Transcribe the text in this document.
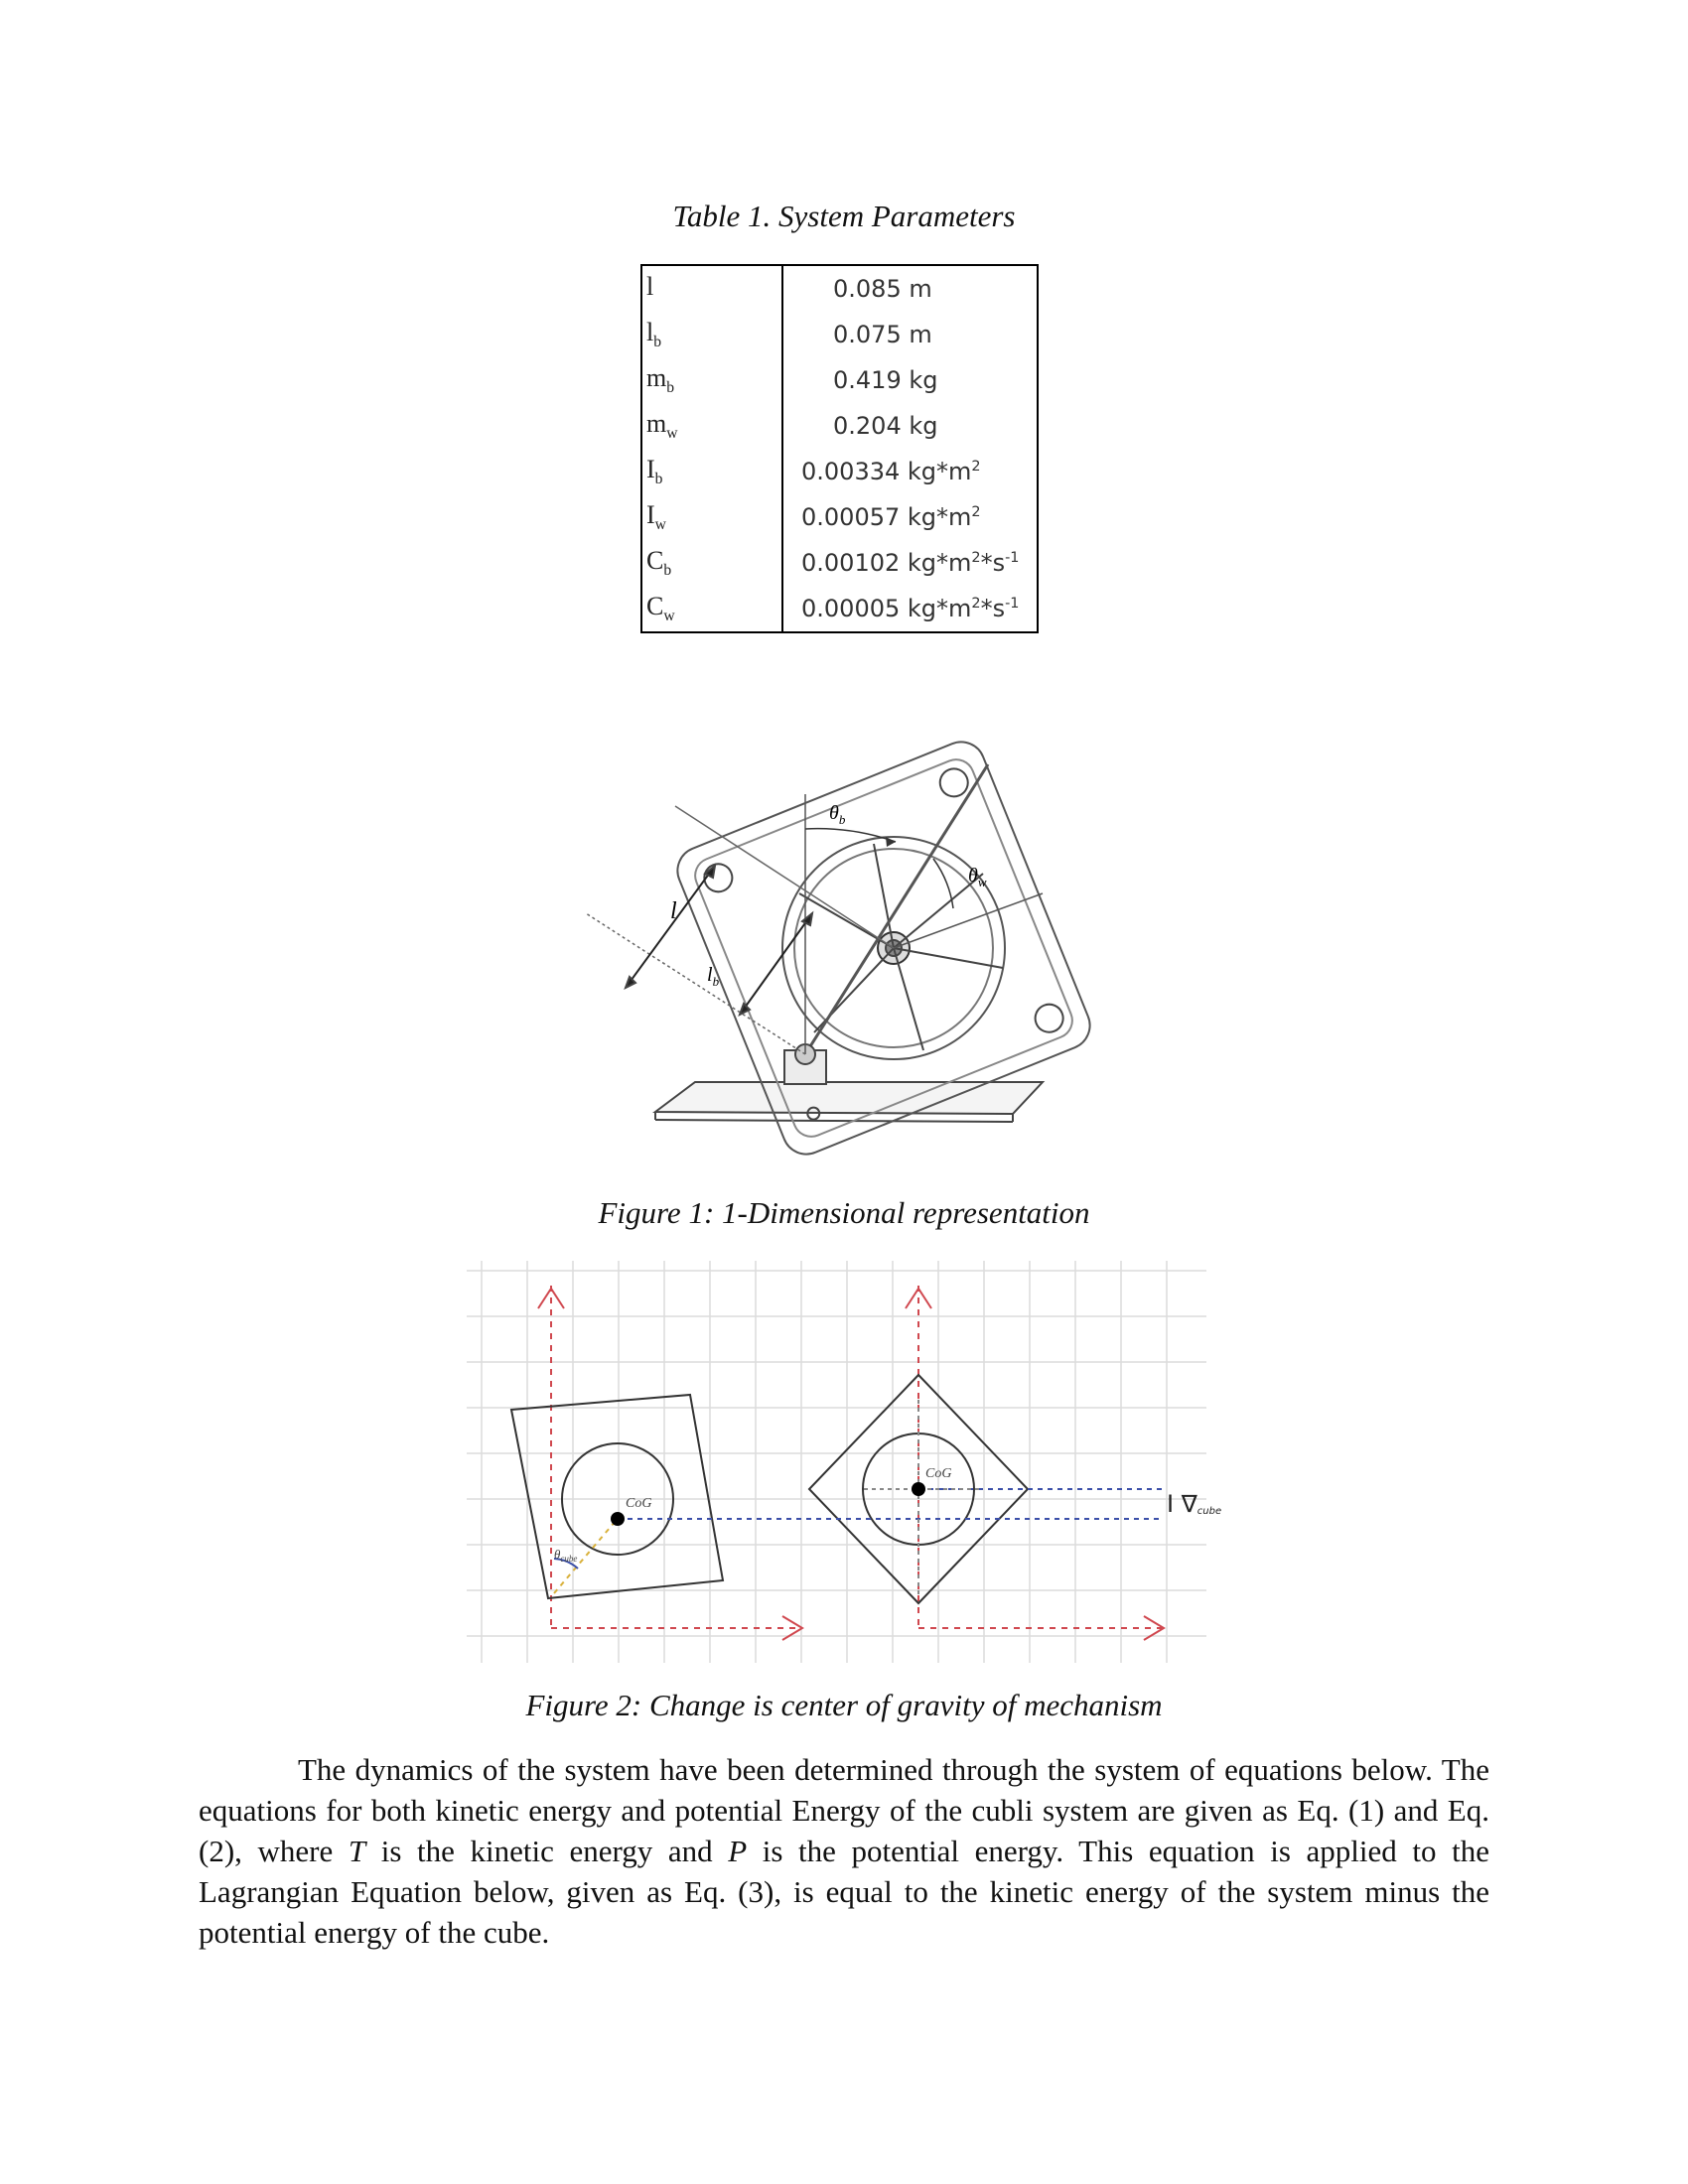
Table 1. System Parameters
l	0.085 m
$l_b$	0.075 m
$m_b$	0.419 kg
$m_w$	0.204 kg
$I_b$	0.00334 $kg*m^2$
$I_w$	0.00057 $kg*m^2$
$C_b$	0.00102 $kg*m^2*s^{-1}$
$C_w$	0.00005 $kg*m^2*s^{-1}$
l
$l_b$
$\theta_b$
$\theta_w$
Figure 1: 1-Dimensional representation
CoG
CoG
$\theta_{cube}$
I ∇cube
Figure 2: Change is center of gravity of mechanism

The dynamics of the system have been determined through the system of equations below. The equations for both kinetic energy and potential Energy of the cubli system are given as Eq. (1) and Eq. (2), where T is the kinetic energy and P is the potential energy. This equation is applied to the Lagrangian Equation below, given as Eq. (3), is equal to the kinetic energy of the system minus the potential energy of the cube.
